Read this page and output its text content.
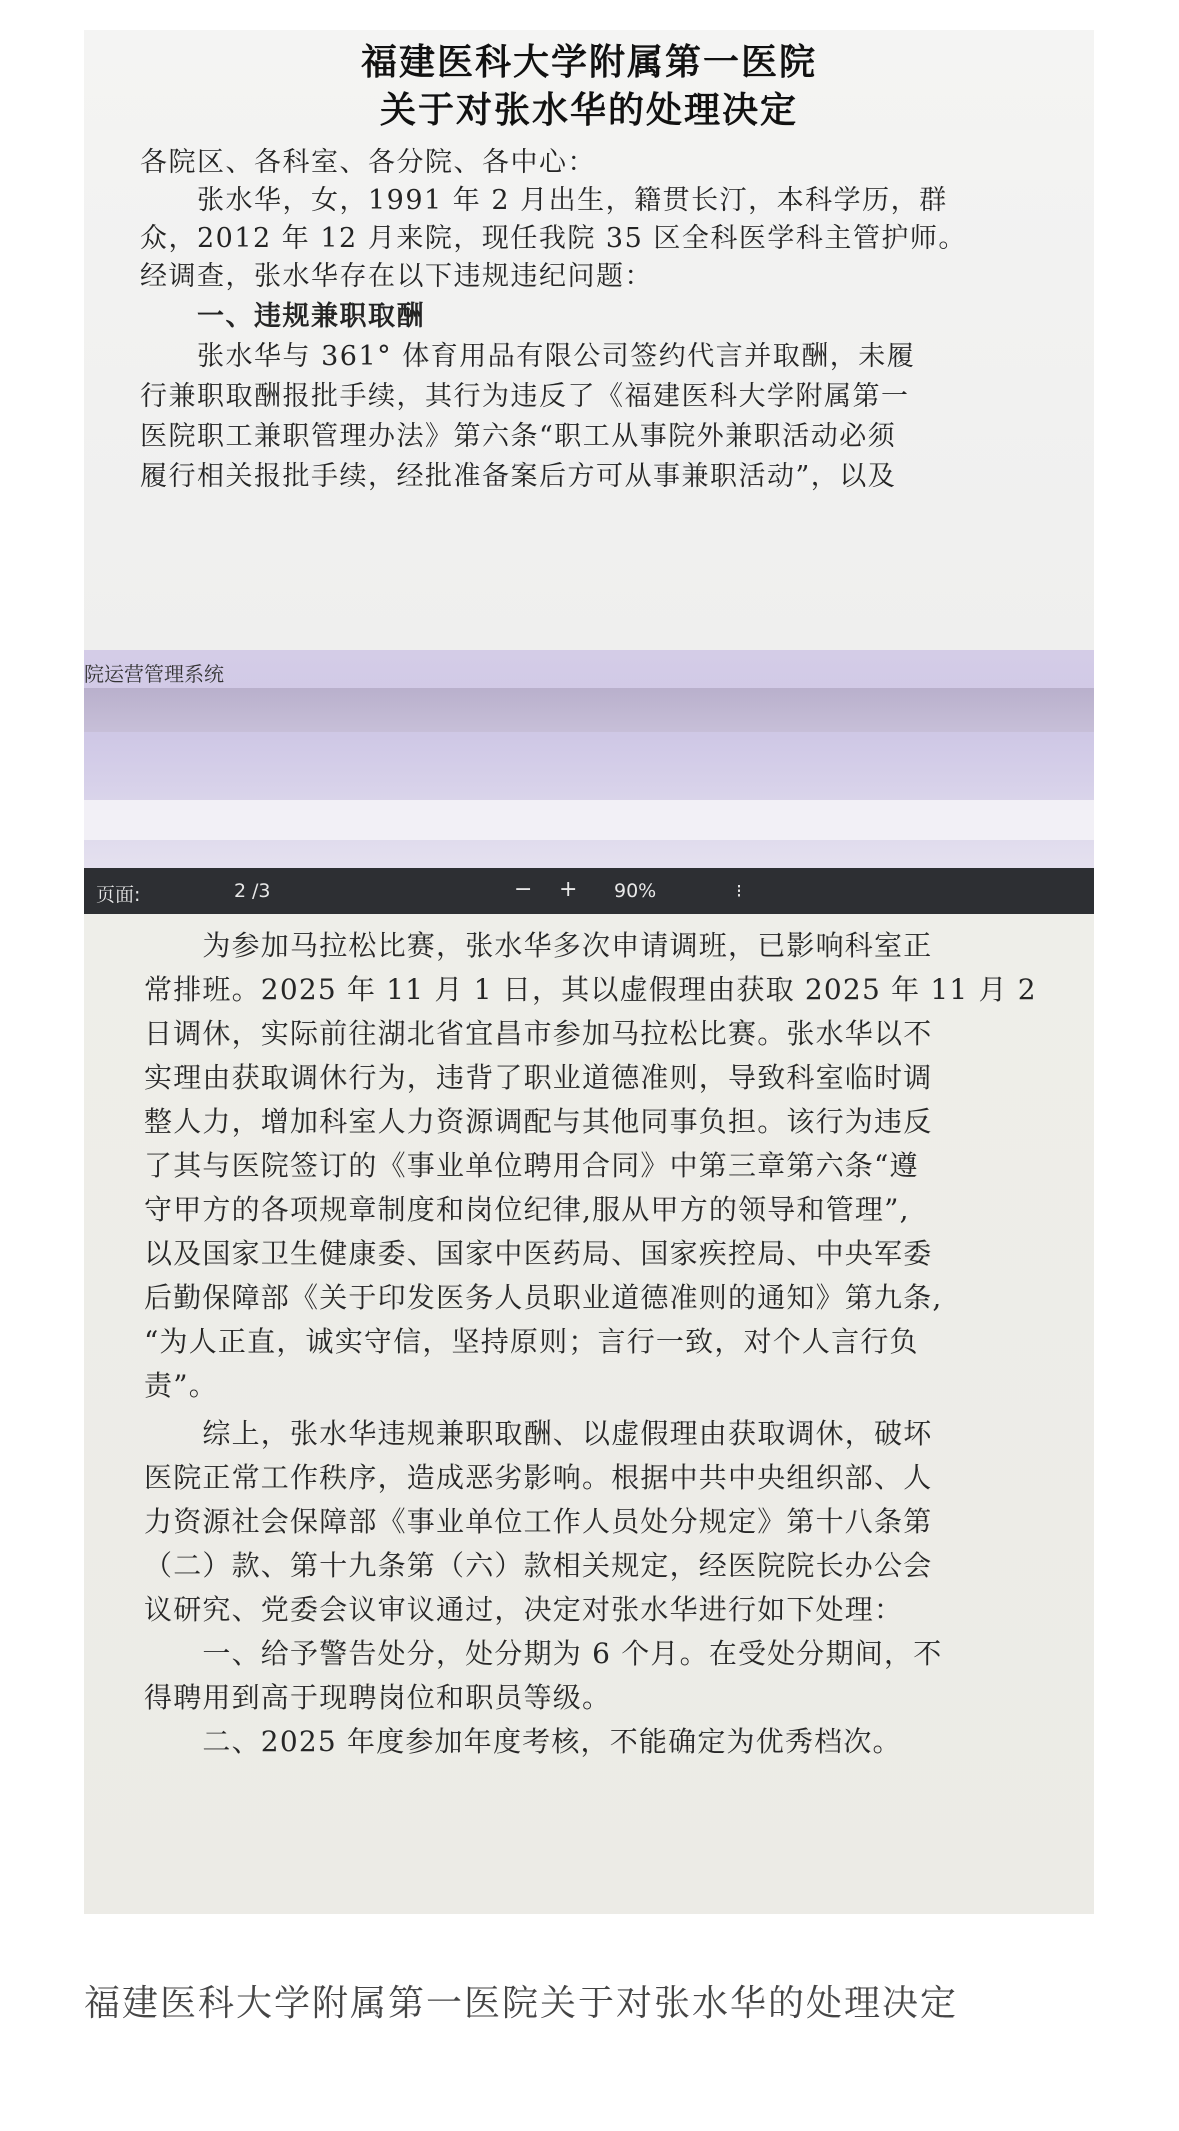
福建医科大学附属第一医院
关于对张水华的处理决定
各院区、各科室、各分院、各中心：
　　张水华，女，1991 年 2 月出生，籍贯长汀，本科学历，群
众，2012 年 12 月来院，现任我院 35 区全科医学科主管护师。
经调查，张水华存在以下违规违纪问题：
　　一、违规兼职取酬
　　张水华与 361° 体育用品有限公司签约代言并取酬，未履
行兼职取酬报批手续，其行为违反了《福建医科大学附属第一
医院职工兼职管理办法》第六条“职工从事院外兼职活动必须
履行相关报批手续，经批准备案后方可从事兼职活动”，以及
院运营管理系统
页面:	2 /3	− + 90%	⁝
　　为参加马拉松比赛，张水华多次申请调班，已影响科室正
常排班。2025 年 11 月 1 日，其以虚假理由获取 2025 年 11 月 2
日调休，实际前往湖北省宜昌市参加马拉松比赛。张水华以不
实理由获取调休行为，违背了职业道德准则，导致科室临时调
整人力，增加科室人力资源调配与其他同事负担。该行为违反
了其与医院签订的《事业单位聘用合同》中第三章第六条“遵
守甲方的各项规章制度和岗位纪律,服从甲方的领导和管理”,
以及国家卫生健康委、国家中医药局、国家疾控局、中央军委
后勤保障部《关于印发医务人员职业道德准则的通知》第九条,
“为人正直，诚实守信，坚持原则；言行一致，对个人言行负
责”。
　　综上，张水华违规兼职取酬、以虚假理由获取调休，破坏
医院正常工作秩序，造成恶劣影响。根据中共中央组织部、人
力资源社会保障部《事业单位工作人员处分规定》第十八条第
（二）款、第十九条第（六）款相关规定，经医院院长办公会
议研究、党委会议审议通过，决定对张水华进行如下处理：
　　一、给予警告处分，处分期为 6 个月。在受处分期间，不
得聘用到高于现聘岗位和职员等级。
　　二、2025 年度参加年度考核，不能确定为优秀档次。
福建医科大学附属第一医院关于对张水华的处理决定
